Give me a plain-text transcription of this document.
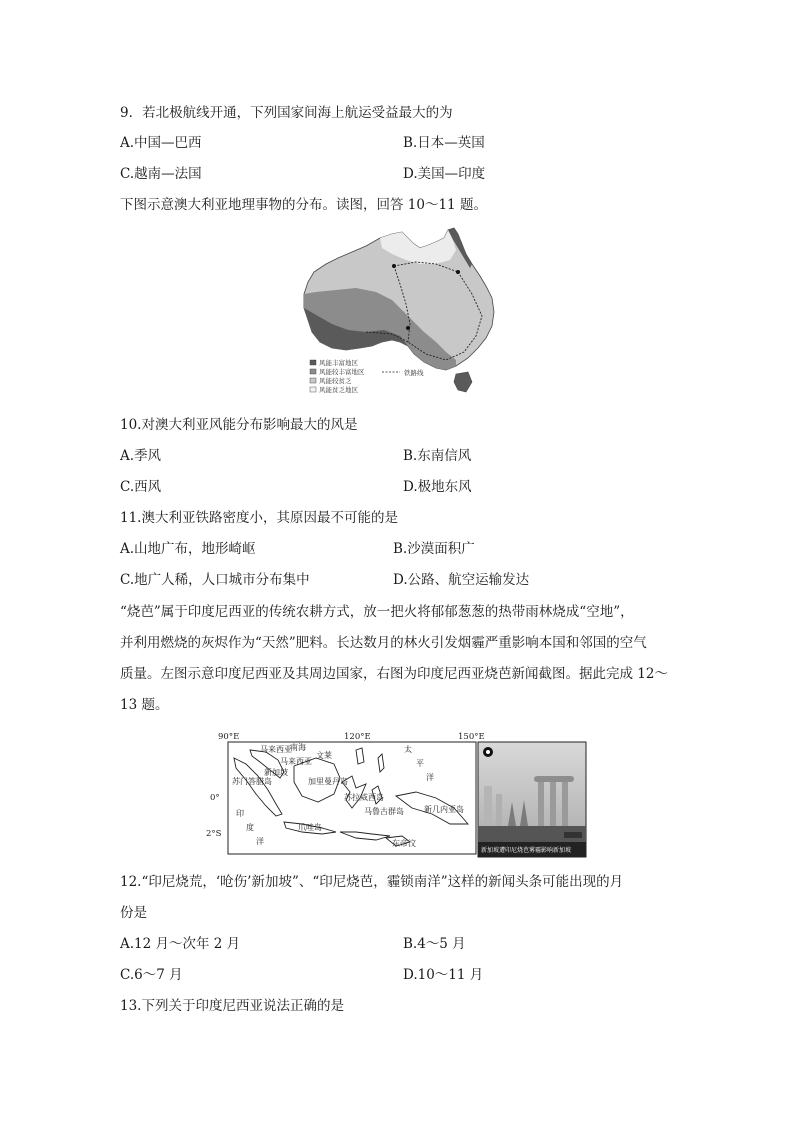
9．若北极航线开通，下列国家间海上航运受益最大的为
A.中国—巴西	B.日本—英国
C.越南—法国	D.美国—印度
下图示意澳大利亚地理事物的分布。读图，回答 10～11 题。
风能丰富地区
风能较丰富地区
风能较贫乏
风能贫乏地区
铁路线
10.对澳大利亚风能分布影响最大的风是
A.季风	B.东南信风
C.西风	D.极地东风
11.澳大利亚铁路密度小，其原因最不可能的是
A.山地广布，地形崎岖	B.沙漠面积广
C.地广人稀，人口城市分布集中	D.公路、航空运输发达
“烧芭”属于印度尼西亚的传统农耕方式，放一把火将郁郁葱葱的热带雨林烧成“空地”，
并利用燃烧的灰烬作为“天然”肥料。长达数月的林火引发烟霾严重影响本国和邻国的空气
质量。左图示意印度尼西亚及其周边国家，右图为印度尼西亚烧芭新闻截图。据此完成 12～
13 题。
90°E	120°E	150°E
0°
2°S
马来西亚
南海
文莱
太
平
洋
马来西亚
新加坡
苏门答腊岛	加里曼丹岛
苏拉威西岛
马鲁古群岛	新几内亚岛
印
度
洋
爪哇岛
东帝汶
新加坡遭印尼烧芭雾霾影响新加坡
12.“印尼烧荒，‘呛伤’新加坡”、“印尼烧芭，霾锁南洋”这样的新闻头条可能出现的月
份是
A.12 月～次年 2 月	B.4～5 月
C.6～7 月	D.10～11 月
13.下列关于印度尼西亚说法正确的是
